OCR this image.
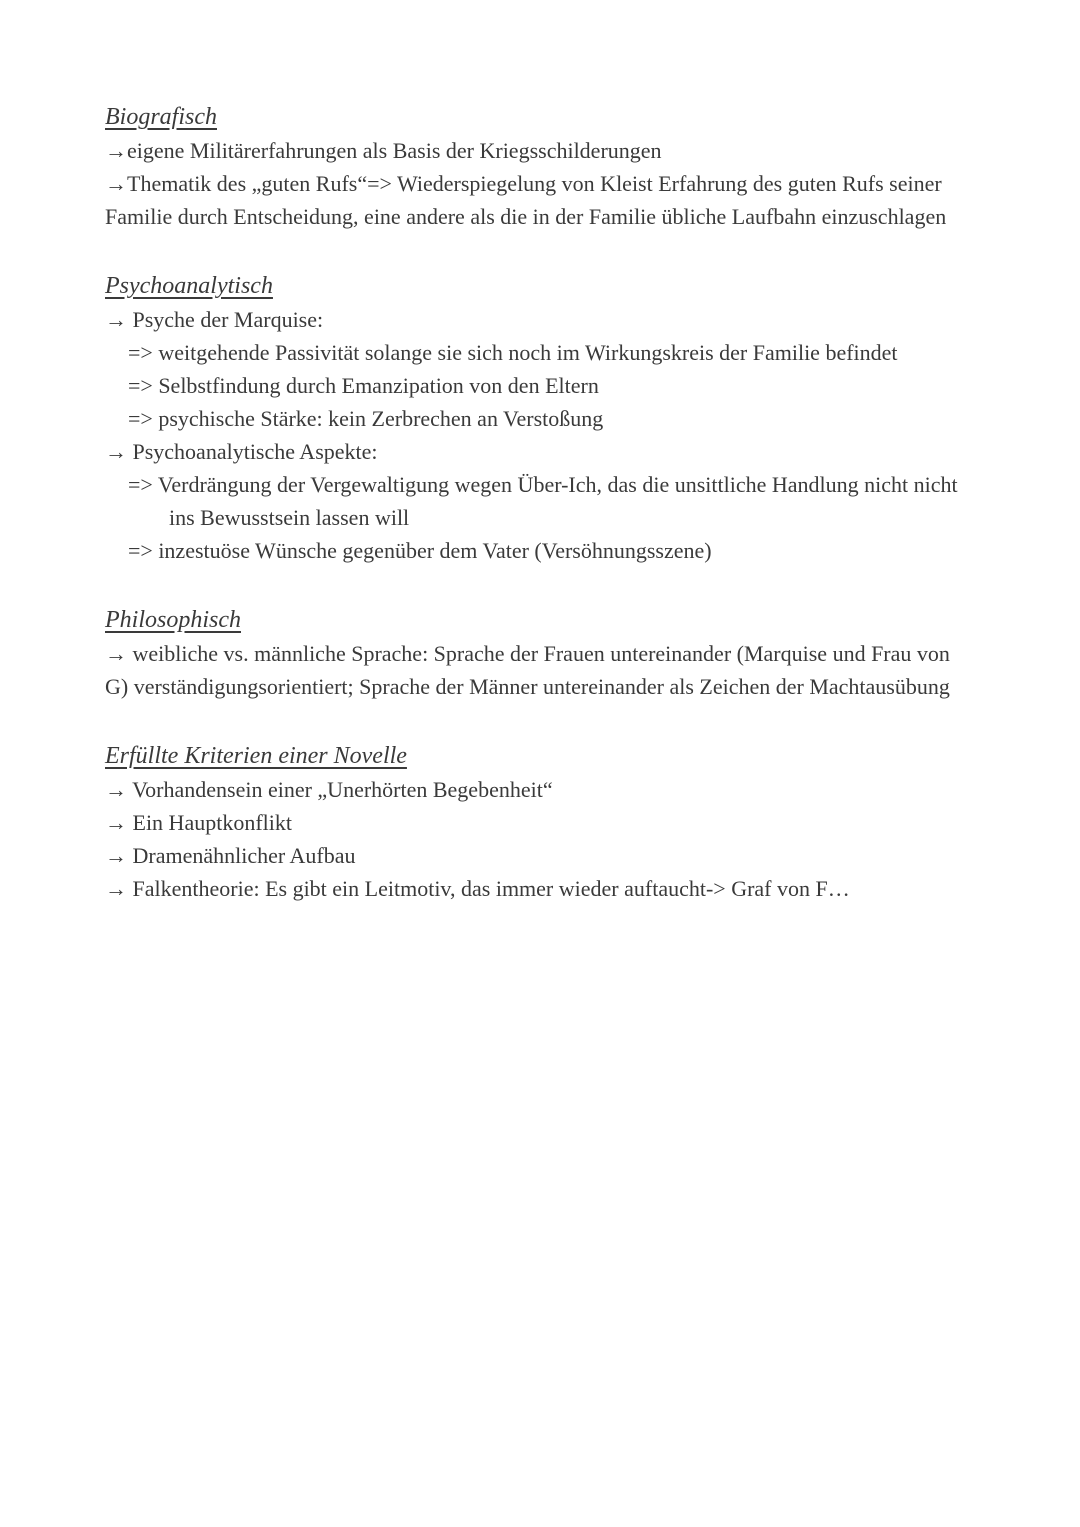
Biografisch

→eigene Militärerfahrungen als Basis der Kriegsschilderungen

→Thematik des „guten Rufs“=> Wiederspiegelung von Kleist Erfahrung des guten Rufs seiner Familie durch Entscheidung, eine andere als die in der Familie übliche Laufbahn einzuschlagen

Psychoanalytisch

→ Psyche der Marquise:

=> weitgehende Passivität solange sie sich noch im Wirkungskreis der Familie befindet

=> Selbstfindung durch Emanzipation von den Eltern

=> psychische Stärke: kein Zerbrechen an Verstoßung

→ Psychoanalytische Aspekte:

=> Verdrängung der Vergewaltigung wegen Über-Ich, das die unsittliche Handlung nicht nicht ins Bewusstsein lassen will

=> inzestuöse Wünsche gegenüber dem Vater (Versöhnungsszene)

Philosophisch

→ weibliche vs. männliche Sprache: Sprache der Frauen untereinander (Marquise und Frau von G) verständigungsorientiert; Sprache der Männer untereinander als Zeichen der Machtausübung

Erfüllte Kriterien einer Novelle

→ Vorhandensein einer „Unerhörten Begebenheit“

→ Ein Hauptkonflikt

→ Dramenähnlicher Aufbau

→ Falkentheorie: Es gibt ein Leitmotiv, das immer wieder auftaucht-> Graf von F…
